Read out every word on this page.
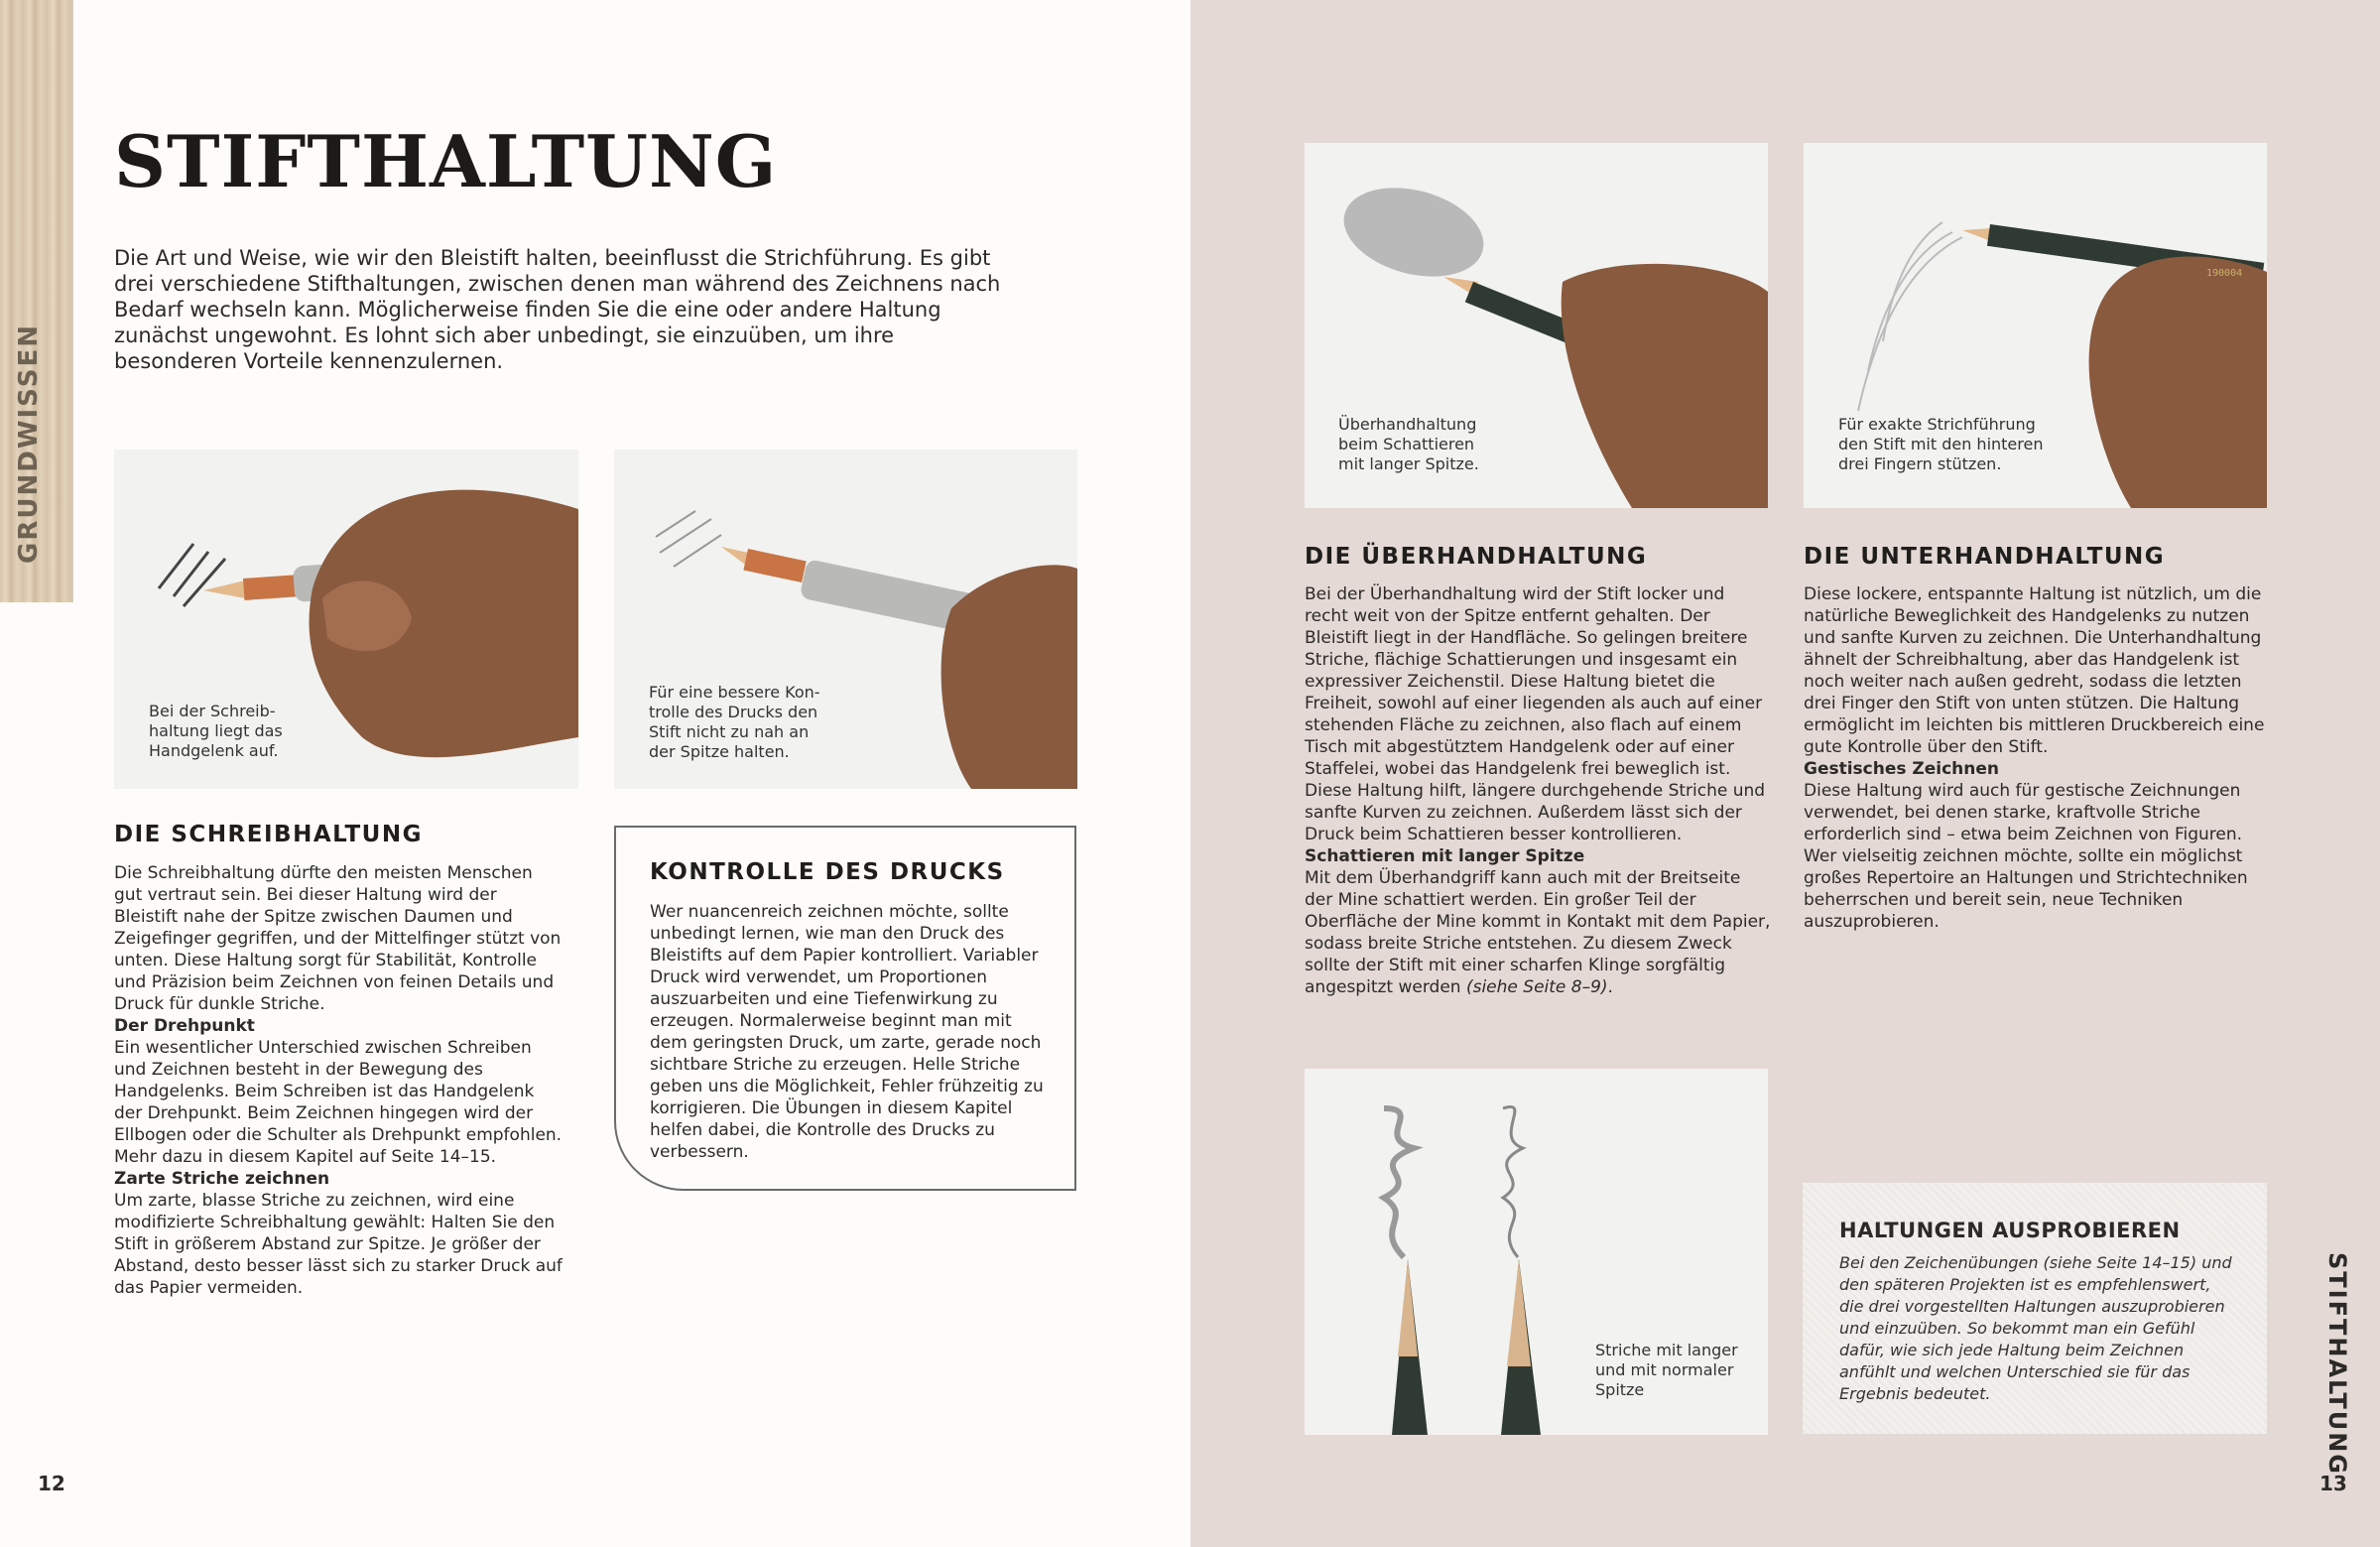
GRUNDWISSEN
STIFTHALTUNG
12	13
STIFTHALTUNG

Die Art und Weise, wie wir den Bleistift halten, beeinflusst die Strichführung. Es gibt drei verschiedene Stifthaltungen, zwischen denen man während des Zeichnens nach Bedarf wechseln kann. Möglicherweise finden Sie die eine oder andere Haltung zunächst ungewohnt. Es lohnt sich aber unbedingt, sie einzuüben, um ihre besonderen Vorteile kennenzulernen.

Bei der Schreib-
haltung liegt das
Handgelenk auf.
Für eine bessere Kon-
trolle des Drucks den
Stift nicht zu nah an
der Spitze halten.
DIE SCHREIBHALTUNG

Die Schreibhaltung dürfte den meisten Menschen gut vertraut sein. Bei dieser Haltung wird der Bleistift nahe der Spitze zwischen Daumen und Zeigefinger gegriffen, und der Mittelfinger stützt von unten. Diese Haltung sorgt für Stabilität, Kontrolle und Präzision beim Zeichnen von feinen Details und Druck für dunkle Striche.

Der Drehpunkt

Ein wesentlicher Unterschied zwischen Schreiben und Zeichnen besteht in der Bewegung des Handgelenks. Beim Schreiben ist das Handgelenk der Drehpunkt. Beim Zeichnen hingegen wird der Ellbogen oder die Schulter als Drehpunkt empfohlen. Mehr dazu in diesem Kapitel auf Seite 14–15.

Zarte Striche zeichnen

Um zarte, blasse Striche zu zeichnen, wird eine modifizierte Schreibhaltung gewählt: Halten Sie den Stift in größerem Abstand zur Spitze. Je größer der Abstand, desto besser lässt sich zu starker Druck auf das Papier vermeiden.

KONTROLLE DES DRUCKS

Wer nuancenreich zeichnen möchte, sollte unbedingt lernen, wie man den Druck des Bleistifts auf dem Papier kontrolliert. Variabler Druck wird verwendet, um Proportionen auszuarbeiten und eine Tiefenwirkung zu erzeugen. Normalerweise beginnt man mit dem geringsten Druck, um zarte, gerade noch sichtbare Striche zu erzeugen. Helle Striche geben uns die Möglichkeit, Fehler frühzeitig zu korrigieren. Die Übungen in diesem Kapitel helfen dabei, die Kontrolle des Drucks zu verbessern.

Überhandhaltung
beim Schattieren
mit langer Spitze.
190004
Für exakte Strichführung
den Stift mit den hinteren
drei Fingern stützen.
DIE ÜBERHANDHALTUNG

Bei der Überhandhaltung wird der Stift locker und recht weit von der Spitze entfernt gehalten. Der Bleistift liegt in der Handfläche. So gelingen breitere Striche, flächige Schattierungen und insgesamt ein expressiver Zeichenstil. Diese Haltung bietet die Freiheit, sowohl auf einer liegenden als auch auf einer stehenden Fläche zu zeichnen, also flach auf einem Tisch mit abgestütztem Handgelenk oder auf einer Staffelei, wobei das Handgelenk frei beweglich ist. Diese Haltung hilft, längere durchgehende Striche und sanfte Kurven zu zeichnen. Außerdem lässt sich der Druck beim Schattieren besser kontrollieren.

Schattieren mit langer Spitze

Mit dem Überhandgriff kann auch mit der Breitseite der Mine schattiert werden. Ein großer Teil der Oberfläche der Mine kommt in Kontakt mit dem Papier, sodass breite Striche entstehen. Zu diesem Zweck sollte der Stift mit einer scharfen Klinge sorgfältig angespitzt werden (siehe Seite 8–9).

DIE UNTERHANDHALTUNG

Diese lockere, entspannte Haltung ist nützlich, um die natürliche Beweglichkeit des Handgelenks zu nutzen und sanfte Kurven zu zeichnen. Die Unterhandhaltung ähnelt der Schreibhaltung, aber das Handgelenk ist noch weiter nach außen gedreht, sodass die letzten drei Finger den Stift von unten stützen. Die Haltung ermöglicht im leichten bis mittleren Druckbereich eine gute Kontrolle über den Stift.

Gestisches Zeichnen

Diese Haltung wird auch für gestische Zeichnungen verwendet, bei denen starke, kraftvolle Striche erforderlich sind – etwa beim Zeichnen von Figuren. Wer vielseitig zeichnen möchte, sollte ein möglichst großes Repertoire an Haltungen und Strichtechniken beherrschen und bereit sein, neue Techniken auszuprobieren.

Striche mit langer
und mit normaler
Spitze
HALTUNGEN AUSPROBIEREN

Bei den Zeichenübungen (siehe Seite 14–15) und den späteren Projekten ist es empfehlenswert, die drei vorgestellten Haltungen auszuprobieren und einzuüben. So bekommt man ein Gefühl dafür, wie sich jede Haltung beim Zeichnen anfühlt und welchen Unterschied sie für das Ergebnis bedeutet.
